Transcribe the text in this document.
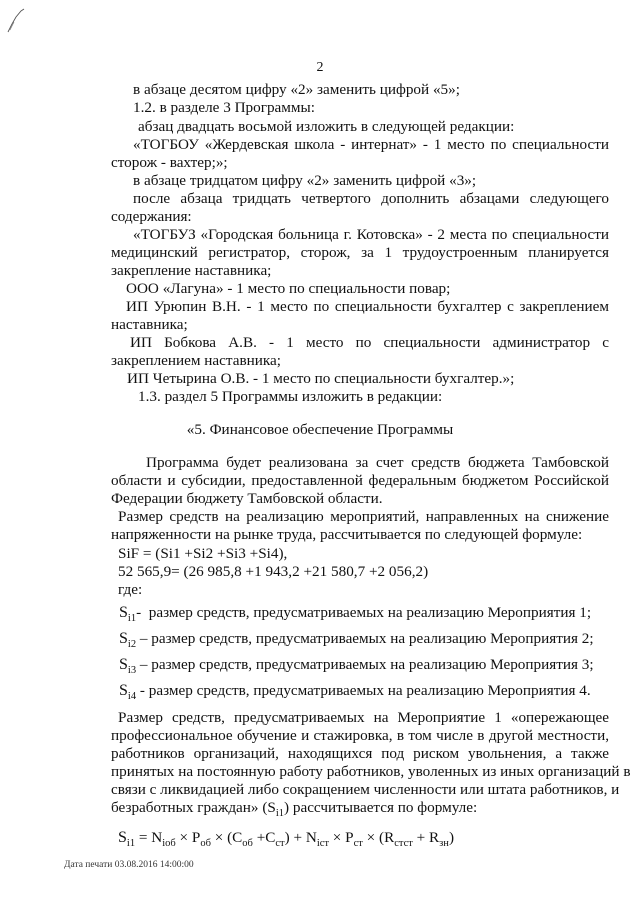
2
в абзаце десятом цифру «2» заменить цифрой «5»;
1.2. в разделе 3 Программы:
абзац двадцать восьмой изложить в следующей редакции:
«ТОГБОУ «Жердевская школа - интернат» - 1 место по специальности
сторож - вахтер;»;
в абзаце тридцатом цифру «2» заменить цифрой «3»;
после абзаца тридцать четвертого дополнить абзацами следующего
содержания:
«ТОГБУЗ «Городская больница г. Котовска» - 2 места по специальности
медицинский регистратор, сторож, за 1 трудоустроенным планируется
закрепление наставника;
ООО «Лагуна» - 1 место по специальности повар;
ИП Урюпин В.Н. - 1 место по специальности бухгалтер с закреплением
наставника;
ИП Бобкова А.В. - 1 место по специальности администратор с
закреплением наставника;
ИП Четырина О.В. - 1 место по специальности бухгалтер.»;
1.3. раздел 5 Программы изложить в редакции:
«5. Финансовое обеспечение Программы
Программа будет реализована за счет средств бюджета Тамбовской
области и субсидии, предоставленной федеральным бюджетом Российской
Федерации бюджету Тамбовской области.
Размер средств на реализацию мероприятий, направленных на снижение
напряженности на рынке труда, рассчитывается по следующей формуле:
SiF = (Si1 +Si2 +Si3 +Si4),
52 565,9= (26 985,8 +1 943,2 +21 580,7 +2 056,2)
где:
$S_{i1}-$ размер средств, предусматриваемых на реализацию Мероприятия 1;
$S_{i2}$ – размер средств, предусматриваемых на реализацию Мероприятия 2;
$S_{i3}$ – размер средств, предусматриваемых на реализацию Мероприятия 3;
$S_{i4}$ - размер средств, предусматриваемых на реализацию Мероприятия 4.
Размер средств, предусматриваемых на Мероприятие 1 «опережающее
профессиональное обучение и стажировка, в том числе в другой местности,
работников организаций, находящихся под риском увольнения, а также
принятых на постоянную работу работников, уволенных из иных организаций в
связи с ликвидацией либо сокращением численности или штата работников, и
безработных граждан» $(S_{i1})$ рассчитывается по формуле:
$S_{i1} = N_{iоб} \times P_{об} \times (C_{об} +C_{ст}) + N_{iст} \times P_{ст} \times (R_{стст} + R_{зн})$
Дата печати 03.08.2016 14:00:00
